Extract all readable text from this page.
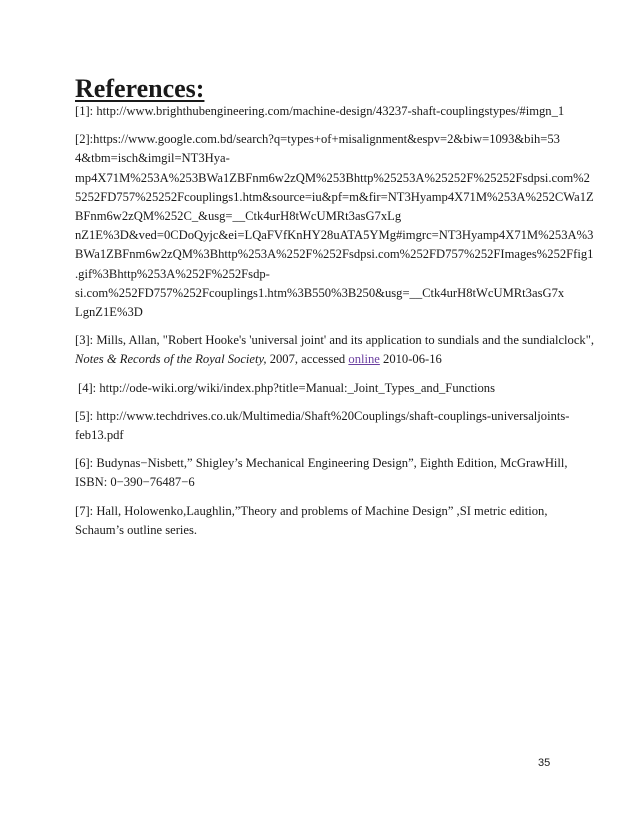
References:

[1]: http://www.brighthubengineering.com/machine-design/43237-shaft-couplingstypes/#imgn_1

[2]:https://www.google.com.bd/search?q=types+of+misalignment&espv=2&biw=1093&bih=53
4&tbm=isch&imgil=NT3Hya-
mp4X71M%253A%253BWa1ZBFnm6w2zQM%253Bhttp%25253A%25252F%25252Fsdpsi.com%2
5252FD757%25252Fcouplings1.htm&source=iu&pf=m&fir=NT3Hyamp4X71M%253A%252CWa1Z
BFnm6w2zQM%252C_&usg=__Ctk4urH8tWcUMRt3asG7xLg
nZ1E%3D&ved=0CDoQyjc&ei=LQaFVfKnHY28uATA5YMg#imgrc=NT3Hyamp4X71M%253A%3
BWa1ZBFnm6w2zQM%3Bhttp%253A%252F%252Fsdpsi.com%252FD757%252FImages%252Ffig1
.gif%3Bhttp%253A%252F%252Fsdp-
si.com%252FD757%252Fcouplings1.htm%3B550%3B250&usg=__Ctk4urH8tWcUMRt3asG7x
LgnZ1E%3D

[3]: Mills, Allan, "Robert Hooke's 'universal joint' and its application to sundials and the sundialclock",
Notes & Records of the Royal Society, 2007, accessed online 2010-06-16

[4]: http://ode-wiki.org/wiki/index.php?title=Manual:_Joint_Types_and_Functions

[5]: http://www.techdrives.co.uk/Multimedia/Shaft%20Couplings/shaft-couplings-universaljoints-
feb13.pdf

[6]: Budynas−Nisbett,” Shigley’s Mechanical Engineering Design”, Eighth Edition, McGrawHill,
ISBN: 0−390−76487−6

[7]: Hall, Holowenko,Laughlin,”Theory and problems of Machine Design” ,SI metric edition,
Schaum’s outline series.

35
